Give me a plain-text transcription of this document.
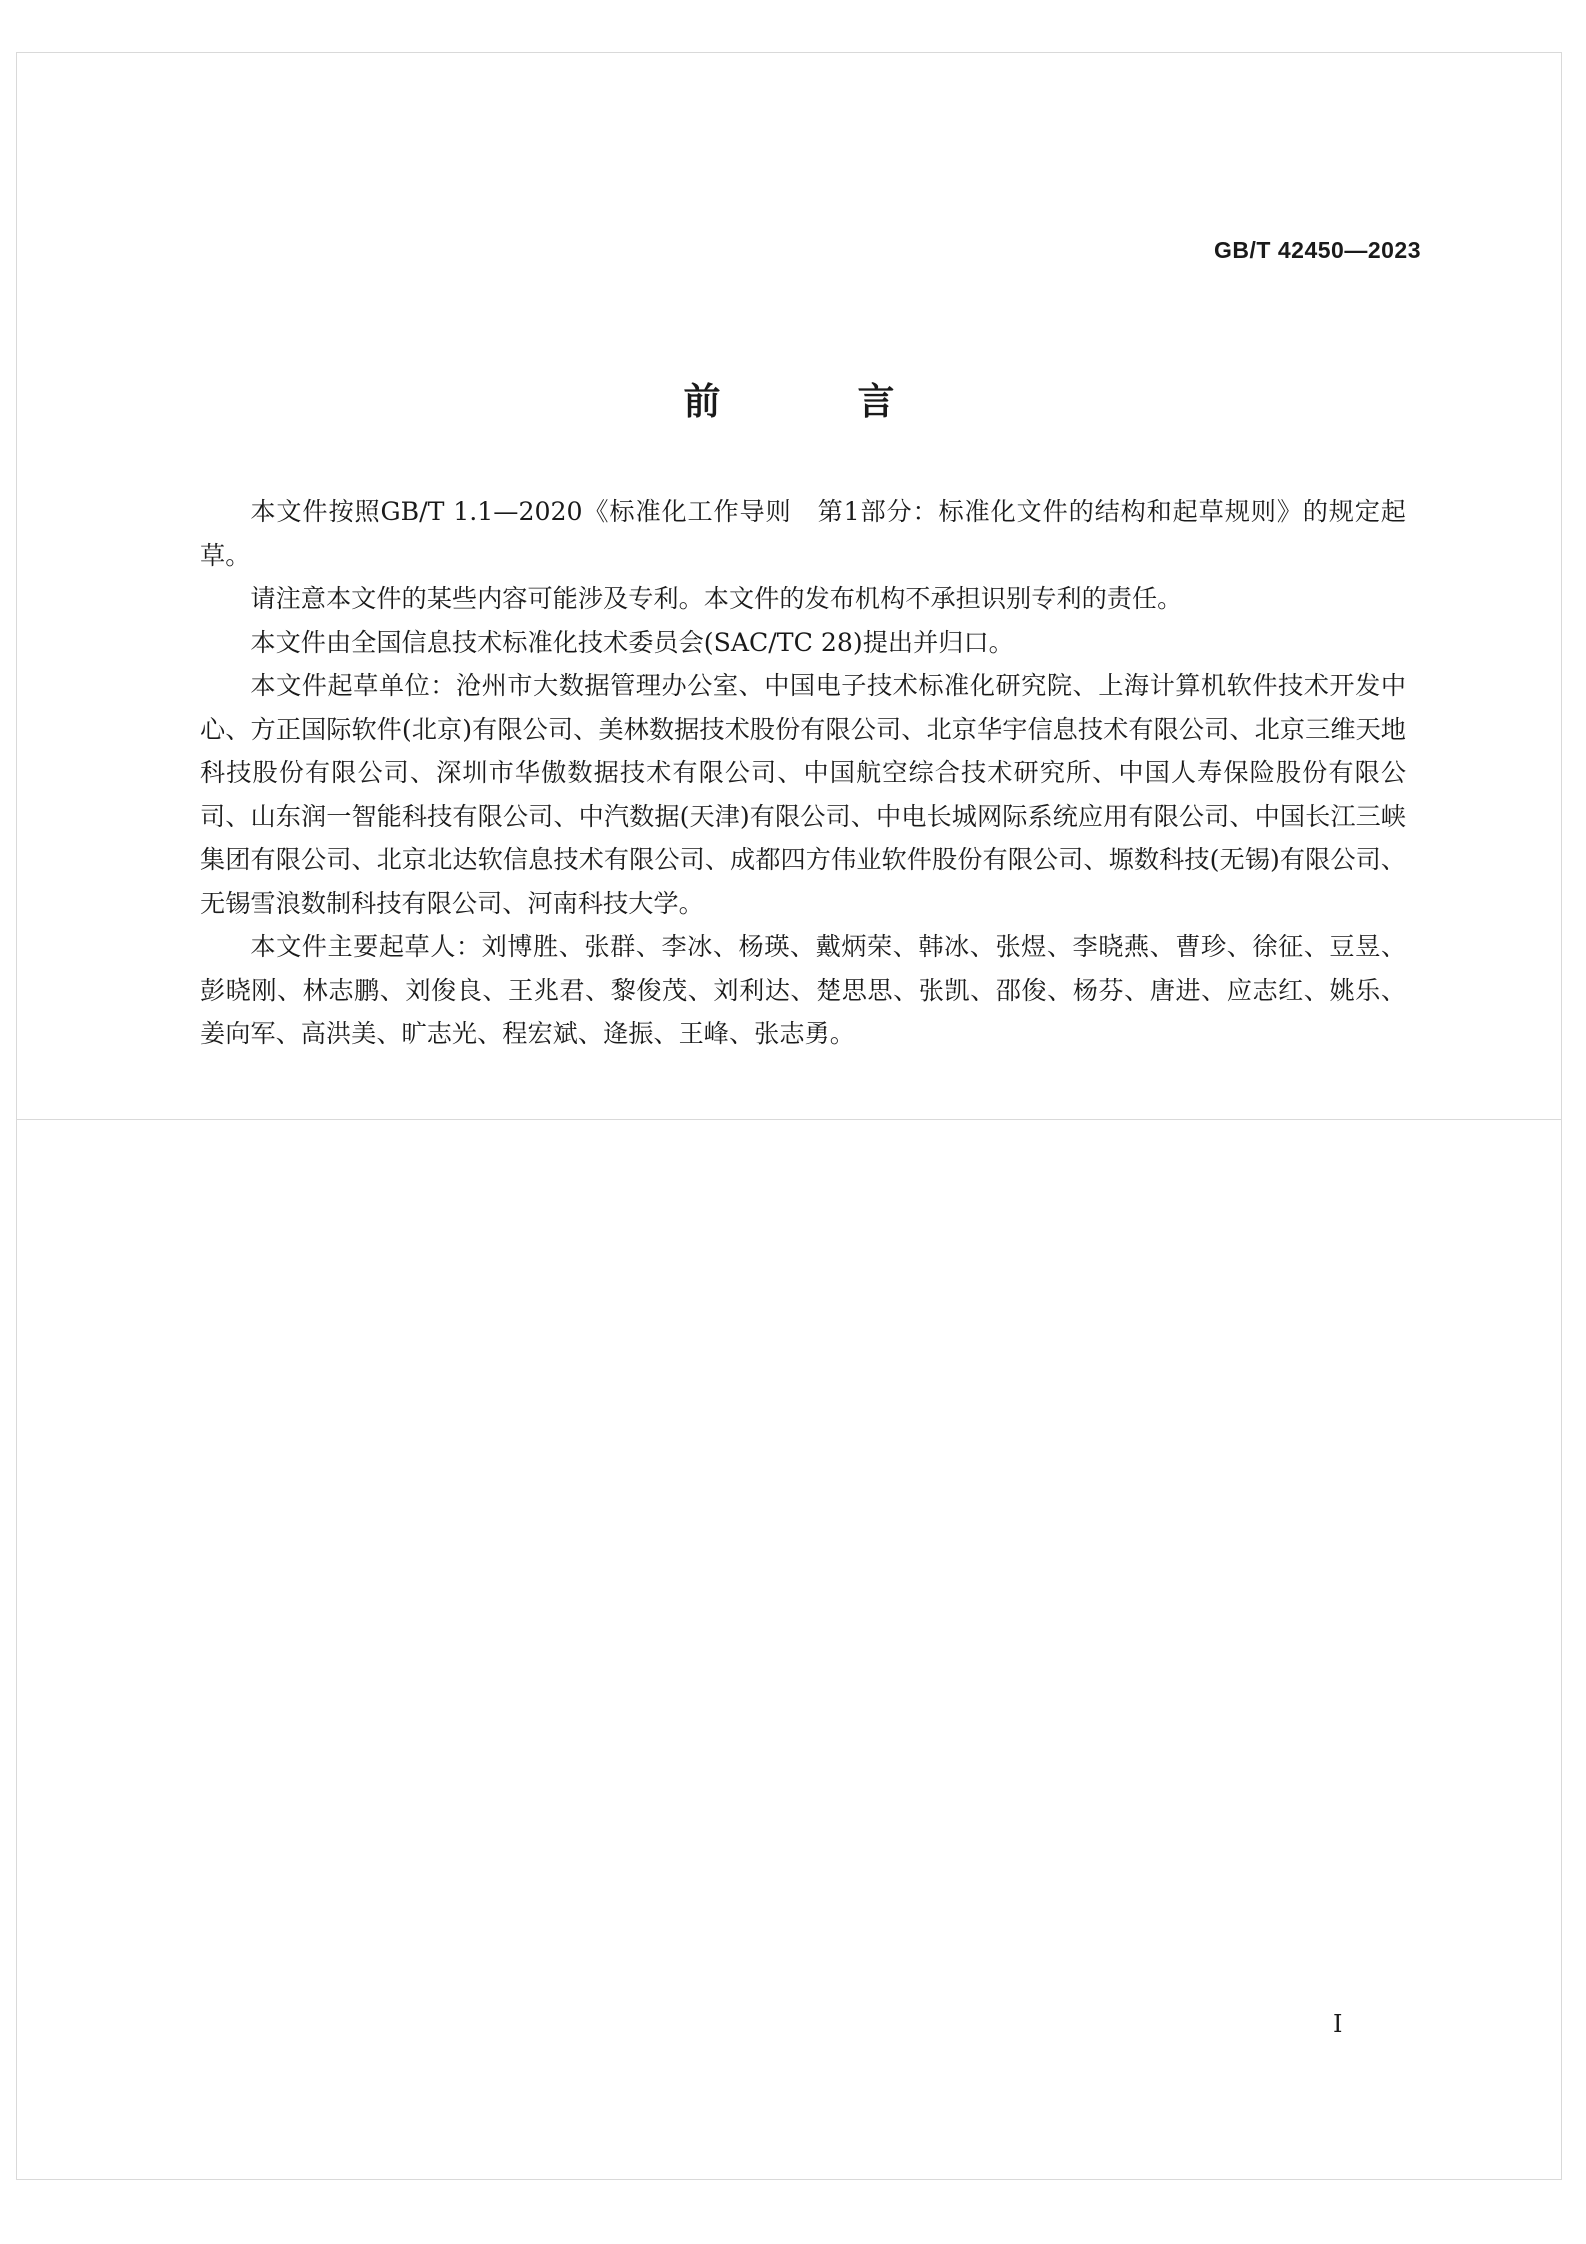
GB/T 42450—2023
前　言

本文件按照GB/T 1.1—2020《标准化工作导则　第1部分：标准化文件的结构和起草规则》的规定起草。

请注意本文件的某些内容可能涉及专利。本文件的发布机构不承担识别专利的责任。

本文件由全国信息技术标准化技术委员会(SAC/TC 28)提出并归口。

本文件起草单位：沧州市大数据管理办公室、中国电子技术标准化研究院、上海计算机软件技术开发中心、方正国际软件(北京)有限公司、美林数据技术股份有限公司、北京华宇信息技术有限公司、北京三维天地科技股份有限公司、深圳市华傲数据技术有限公司、中国航空综合技术研究所、中国人寿保险股份有限公司、山东润一智能科技有限公司、中汽数据(天津)有限公司、中电长城网际系统应用有限公司、中国长江三峡集团有限公司、北京北达软信息技术有限公司、成都四方伟业软件股份有限公司、塬数科技(无锡)有限公司、无锡雪浪数制科技有限公司、河南科技大学。

本文件主要起草人：刘博胜、张群、李冰、杨瑛、戴炳荣、韩冰、张煜、李晓燕、曹珍、徐征、豆昱、彭晓刚、林志鹏、刘俊良、王兆君、黎俊茂、刘利达、楚思思、张凯、邵俊、杨芬、唐进、应志红、姚乐、姜向军、高洪美、旷志光、程宏斌、逄振、王峰、张志勇。

I
